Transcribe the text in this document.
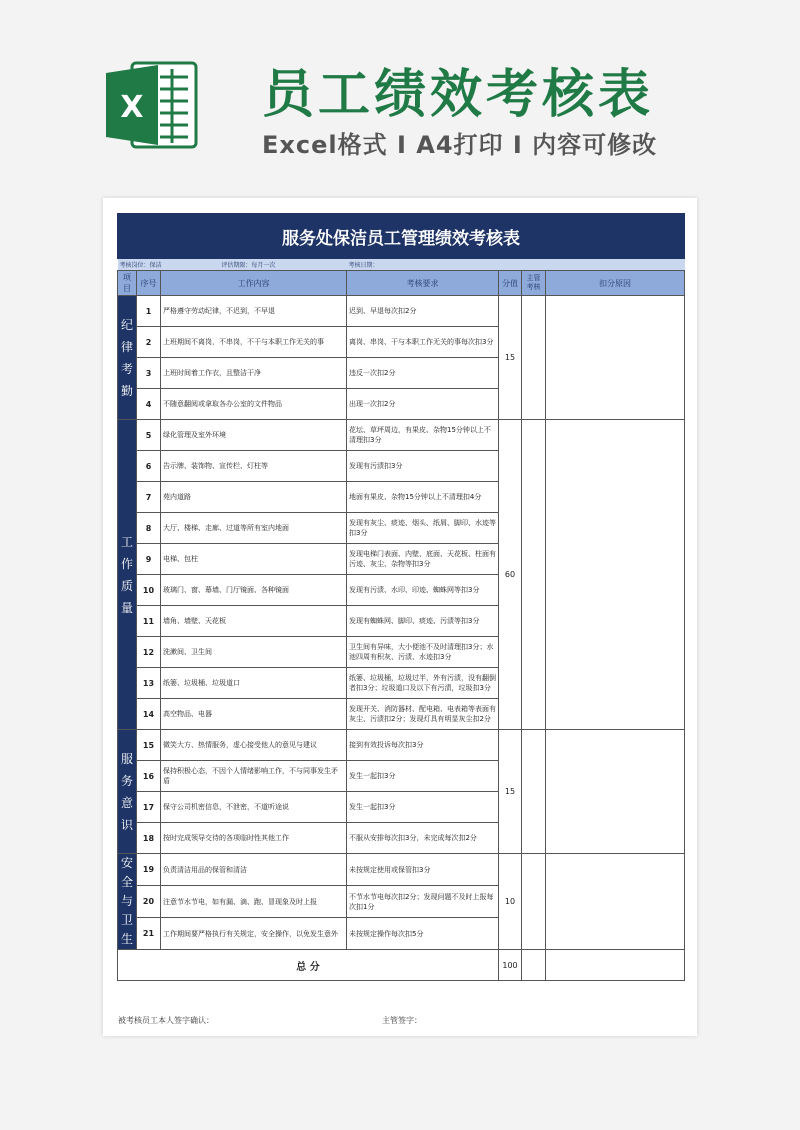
X 员工绩效考核表
Excel格式 I A4打印 I 内容可修改
服务处保洁员工管理绩效考核表						
考核岗位：保洁 评估期限：每月一次			考核日期：			
项目	序号	工作内容	考核要求	分值	主管考核	扣分原因

纪律考勤	1	严格遵守劳动纪律，不迟到，不早退	迟到、早退每次扣2分	15		
	2	上班期间不离岗，不串岗，不干与本职工作无关的事	离岗、串岗、干与本职工作无关的事每次扣3分			
	3	上班时间着工作衣，且整洁干净	违反一次扣2分			
	4	不随意翻阅或拿取各办公室的文件物品	出现一次扣2分			

工作质量	5	绿化管理及室外环境	花坛、草坪周边，有果皮、杂物15分钟以上不清理扣3分	60		
	6	告示牌、装饰物、宣传栏、灯柱等	发现有污渍扣3分			
	7	苑内道路	地面有果皮、杂物15分钟以上不清理扣4分			
	8	大厅、楼梯、走廊、过道等所有室内地面	发现有灰尘、痰迹、烟头、纸屑、脚印、水迹等扣3分			
	9	电梯、包柱	发现电梯门表面、内壁、底面、天花板、柱面有污迹、灰尘、杂物等扣3分			
	10	玻璃门、窗、幕墙、门厅镜面、各种镜面	发现有污渍、水印、印迹、蜘蛛网等扣3分			
	11	墙角、墙壁、天花板	发现有蜘蛛网、脚印、痰迹、污渍等扣3分			
	12	洗漱间、卫生间	卫生间有异味，大小便池不及时清理扣3分；水池四周有积灰、污渍、水迹扣3分			
	13	纸篓、垃圾桶、垃圾道口	纸篓、垃圾桶，垃圾过半，外有污渍，没有翻倒者扣3分；垃圾道口及以下有污渍，垃圾扣3分			
	14	高空物品、电器	发现开关、消防器材、配电箱、电表箱等表面有灰尘、污渍扣2分；发现灯具有明显灰尘扣2分			

服务意识	15	微笑大方、热情服务，虚心接受他人的意见与建议	接到有效投诉每次扣3分	15		
	16	保持积极心态，不因个人情绪影响工作，不与同事发生矛盾	发生一起扣3分			
	17	保守公司机密信息，不泄密，不道听途说	发生一起扣3分			
	18	按时完成领导交待的各项临时性其他工作	不服从安排每次扣3分，未完成每次扣2分			

安全与卫生	19	负责清洁用品的保管和清洁	未按规定使用或保管扣3分	10		
	20	注意节水节电，如有漏、滴、跑、冒现象及时上报	不节水节电每次扣2分；发现问题不及时上报每次扣1分			
	21	工作期间要严格执行有关规定，安全操作，以免发生意外	未按规定操作每次扣5分			
总 分				100		
被考核员工本人签字确认：	主管签字：
